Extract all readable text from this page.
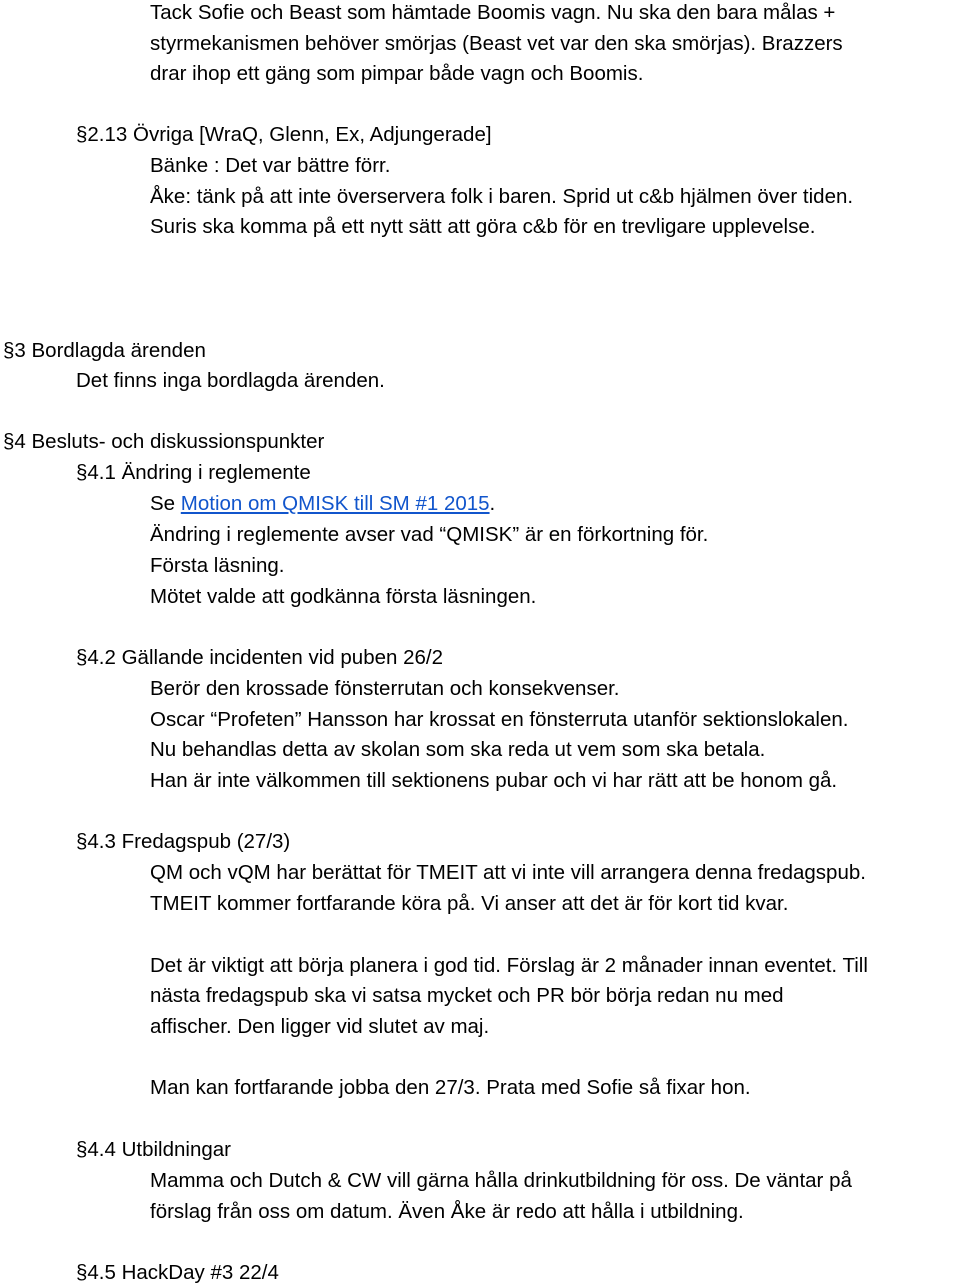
Tack Sofie och Beast som hämtade Boomis vagn. Nu ska den bara målas +
styrmekanismen behöver smörjas (Beast vet var den ska smörjas). Brazzers
drar ihop ett gäng som pimpar både vagn och Boomis.
§2.13 Övriga [WraQ, Glenn, Ex, Adjungerade]
Bänke : Det var bättre förr.
Åke: tänk på att inte överservera folk i baren. Sprid ut c&b hjälmen över tiden.
Suris ska komma på ett nytt sätt att göra c&b för en trevligare upplevelse.
§3 Bordlagda ärenden
Det finns inga bordlagda ärenden.
§4 Besluts- och diskussionspunkter
§4.1 Ändring i reglemente
Se Motion om QMISK till SM #1 2015.
Ändring i reglemente avser vad “QMISK” är en förkortning för.
Första läsning.
Mötet valde att godkänna första läsningen.
§4.2 Gällande incidenten vid puben 26/2
Berör den krossade fönsterrutan och konsekvenser.
Oscar “Profeten” Hansson har krossat en fönsterruta utanför sektionslokalen.
Nu behandlas detta av skolan som ska reda ut vem som ska betala.
Han är inte välkommen till sektionens pubar och vi har rätt att be honom gå.
§4.3 Fredagspub (27/3)
QM och vQM har berättat för TMEIT att vi inte vill arrangera denna fredagspub.
TMEIT kommer fortfarande köra på. Vi anser att det är för kort tid kvar.
Det är viktigt att börja planera i god tid. Förslag är 2 månader innan eventet. Till
nästa fredagspub ska vi satsa mycket och PR bör börja redan nu med
affischer. Den ligger vid slutet av maj.
Man kan fortfarande jobba den 27/3. Prata med Sofie så fixar hon.
§4.4 Utbildningar
Mamma och Dutch & CW vill gärna hålla drinkutbildning för oss. De väntar på
förslag från oss om datum. Även Åke är redo att hålla i utbildning.
§4.5 HackDay #3 22/4
